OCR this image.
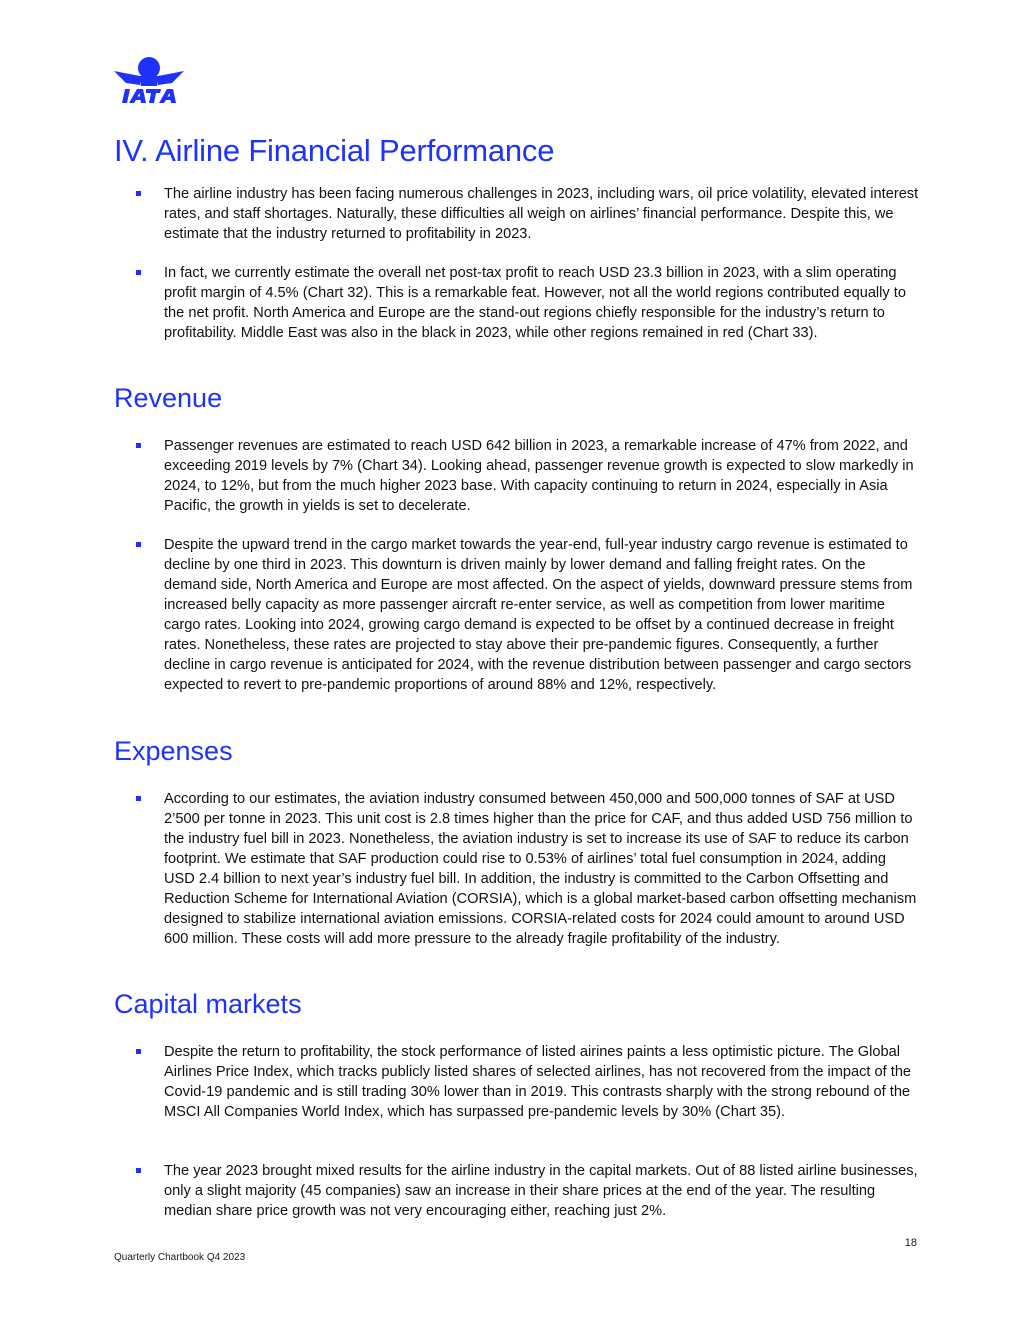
IV. Airline Financial Performance
The airline industry has been facing numerous challenges in 2023, including wars, oil price volatility, elevated interest rates, and staff shortages. Naturally, these difficulties all weigh on airlines’ financial performance. Despite this, we estimate that the industry returned to profitability in 2023.
In fact, we currently estimate the overall net post-tax profit to reach USD 23.3 billion in 2023, with a slim operating profit margin of 4.5% (Chart 32). This is a remarkable feat. However, not all the world regions contributed equally to the net profit. North America and Europe are the stand-out regions chiefly responsible for the industry’s return to profitability. Middle East was also in the black in 2023, while other regions remained in red (Chart 33).
Revenue
Passenger revenues are estimated to reach USD 642 billion in 2023, a remarkable increase of 47% from 2022, and exceeding 2019 levels by 7% (Chart 34). Looking ahead, passenger revenue growth is expected to slow markedly in 2024, to 12%, but from the much higher 2023 base. With capacity continuing to return in 2024, especially in Asia Pacific, the growth in yields is set to decelerate.
Despite the upward trend in the cargo market towards the year-end, full-year industry cargo revenue is estimated to decline by one third in 2023. This downturn is driven mainly by lower demand and falling freight rates. On the demand side, North America and Europe are most affected. On the aspect of yields, downward pressure stems from increased belly capacity as more passenger aircraft re-enter service, as well as competition from lower maritime cargo rates. Looking into 2024, growing cargo demand is expected to be offset by a continued decrease in freight rates. Nonetheless, these rates are projected to stay above their pre-pandemic figures. Consequently, a further decline in cargo revenue is anticipated for 2024, with the revenue distribution between passenger and cargo sectors expected to revert to pre-pandemic proportions of around 88% and 12%, respectively.
Expenses
According to our estimates, the aviation industry consumed between 450,000 and 500,000 tonnes of SAF at USD 2’500 per tonne in 2023. This unit cost is 2.8 times higher than the price for CAF, and thus added USD 756 million to the industry fuel bill in 2023. Nonetheless, the aviation industry is set to increase its use of SAF to reduce its carbon footprint. We estimate that SAF production could rise to 0.53% of airlines’ total fuel consumption in 2024, adding USD 2.4 billion to next year’s industry fuel bill. In addition, the industry is committed to the Carbon Offsetting and Reduction Scheme for International Aviation (CORSIA), which is a global market-based carbon offsetting mechanism designed to stabilize international aviation emissions. CORSIA-related costs for 2024 could amount to around USD 600 million. These costs will add more pressure to the already fragile profitability of the industry.
Capital markets
Despite the return to profitability, the stock performance of listed airines paints a less optimistic picture. The Global Airlines Price Index, which tracks publicly listed shares of selected airlines, has not recovered from the impact of the Covid-19 pandemic and is still trading 30% lower than in 2019. This contrasts sharply with the strong rebound of the MSCI All Companies World Index, which has surpassed pre-pandemic levels by 30% (Chart 35).
The year 2023 brought mixed results for the airline industry in the capital markets. Out of 88 listed airline businesses, only a slight majority (45 companies) saw an increase in their share prices at the end of the year. The resulting median share price growth was not very encouraging either, reaching just 2%.
18
Quarterly Chartbook Q4 2023
